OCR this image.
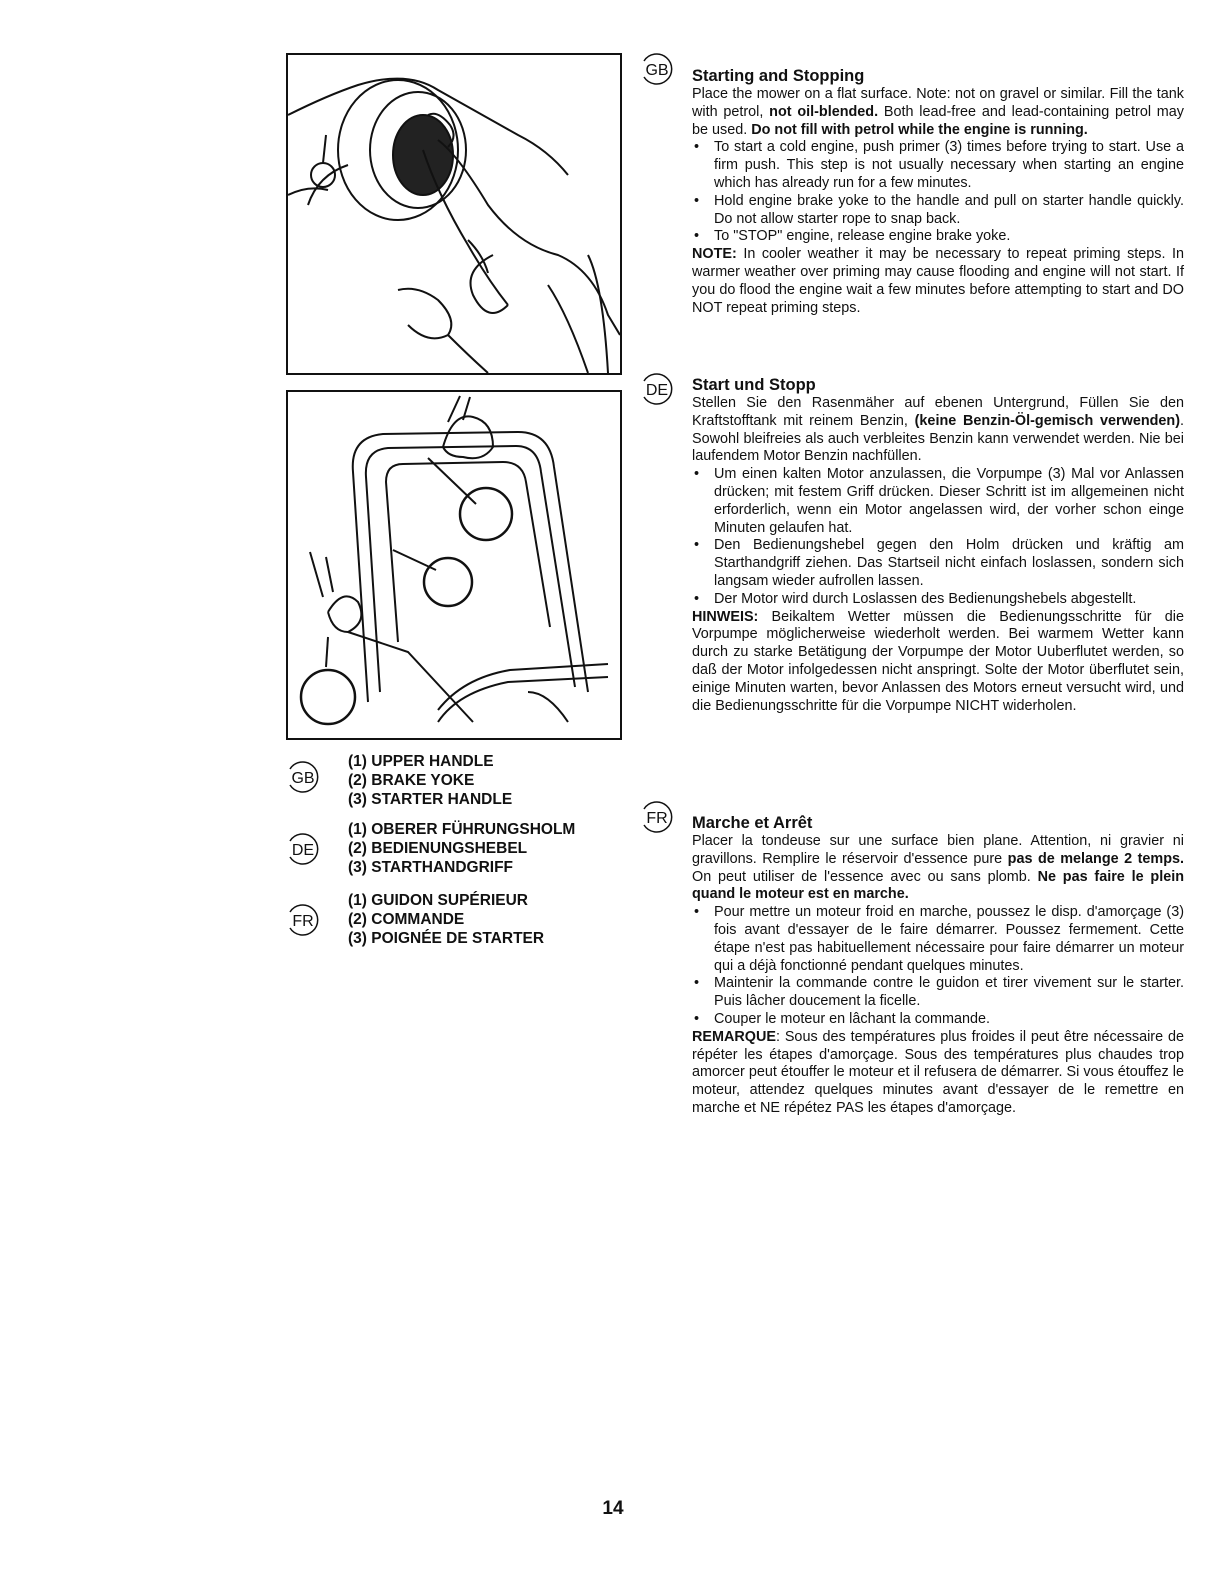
GB
DE
FR
(1) UPPER HANDLE
(2) BRAKE YOKE
(3) STARTER HANDLE
(1) OBERER FÜHRUNGSHOLM
(2) BEDIENUNGSHEBEL
(3) STARTHANDGRIFF
(1) GUIDON SUPÉRIEUR
(2) COMMANDE
(3) POIGNÉE DE STARTER
GB
DE
FR
Starting and Stopping

Place the mower on a flat surface. Note: not on gravel or similar. Fill the tank with petrol, not oil-blended. Both lead-free and lead-containing petrol may be used. Do not fill with petrol while the engine is running.

• To start a cold engine, push primer (3) times before trying to start. Use a firm push. This step is not usually necessary when starting an engine which has already run for a few minutes.
• Hold engine brake yoke to the handle and pull on starter handle quickly. Do not allow starter rope to snap back.
• To "STOP" engine, release engine brake yoke.

NOTE: In cooler weather it may be necessary to repeat priming steps. In warmer weather over priming may cause flooding and engine will not start. If you do flood the engine wait a few minutes before attempting to start and DO NOT repeat priming steps.

Start und Stopp

Stellen Sie den Rasenmäher auf ebenen Untergrund, Füllen Sie den Kraftstofftank mit reinem Benzin, (keine Benzin-Öl-gemisch verwenden). Sowohl bleifreies als auch verbleites Benzin kann verwendet werden. Nie bei laufendem Motor Benzin nachfüllen.

• Um einen kalten Motor anzulassen, die Vorpumpe (3) Mal vor Anlassen drücken; mit festem Griff drücken. Dieser Schritt ist im allgemeinen nicht erforderlich, wenn ein Motor angelassen wird, der vorher schon einge Minuten gelaufen hat.
• Den Bedienungshebel gegen den Holm drücken und kräftig am Starthandgriff ziehen. Das Startseil nicht einfach loslassen, sondern sich langsam wieder aufrollen lassen.
• Der Motor wird durch Loslassen des Bedienungshebels abgestellt.

HINWEIS: Beikaltem Wetter müssen die Bedienungsschritte für die Vorpumpe möglicherweise wiederholt werden. Bei warmem Wetter kann durch zu starke Betätigung der Vorpumpe der Motor Uuberflutet werden, so daß der Motor infolgedessen nicht anspringt. Solte der Motor überflutet sein, einige Minuten warten, bevor Anlassen des Motors erneut versucht wird, und die Bedienungsschritte für die Vorpumpe NICHT widerholen.

Marche et Arrêt

Placer la tondeuse sur une surface bien plane. Attention, ni gravier ni gravillons. Remplire le réservoir d'essence pure pas de melange 2 temps. On peut utiliser de l'essence avec ou sans plomb. Ne pas faire le plein quand le moteur est en marche.

• Pour mettre un moteur froid en marche, poussez le disp. d'amorçage (3) fois avant d'essayer de le faire démarrer. Poussez fermement. Cette étape n'est pas habituellement nécessaire pour faire démarrer un moteur qui a déjà fonctionné pendant quelques minutes.
• Maintenir la commande contre le guidon et tirer vivement sur le starter. Puis lâcher doucement la ficelle.
• Couper le moteur en lâchant la commande.

REMARQUE: Sous des températures plus froides il peut être nécessaire de répéter les étapes d'amorçage. Sous des températures plus chaudes trop amorcer peut étouffer le moteur et il refusera de démarrer. Si vous étouffez le moteur, attendez quelques minutes avant d'essayer de le remettre en marche et NE répétez PAS les étapes d'amorçage.

14
